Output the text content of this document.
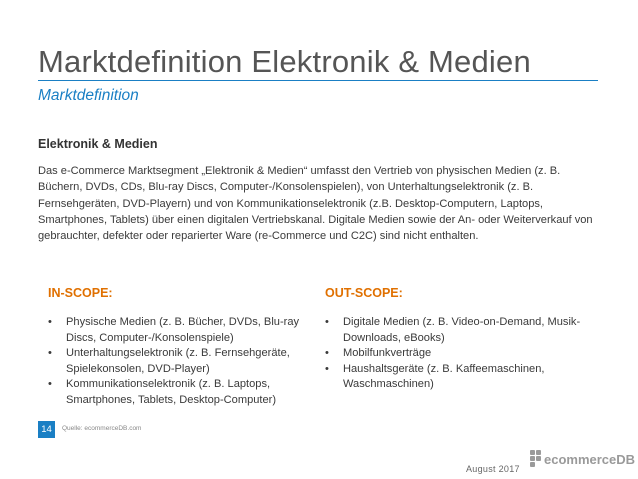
Marktdefinition Elektronik & Medien
Marktdefinition
Elektronik & Medien

Das e-Commerce Marktsegment „Elektronik & Medien“ umfasst den Vertrieb von physischen Medien (z. B. Büchern, DVDs, CDs, Blu-ray Discs, Computer-/Konsolenspielen), von Unterhaltungselektronik (z. B. Fernsehgeräten, DVD-Playern) und von Kommunikationselektronik (z.B. Desktop-Computern, Laptops, Smartphones, Tablets) über einen digitalen Vertriebskanal. Digitale Medien sowie der An- oder Weiterverkauf von gebrauchter, defekter oder reparierter Ware (re-Commerce und C2C) sind nicht enthalten.

IN-SCOPE:
• Physische Medien (z. B. Bücher, DVDs, Blu-ray Discs, Computer-/Konsolenspiele)
• Unterhaltungselektronik (z. B. Fernsehgeräte, Spielekonsolen, DVD-Player)
• Kommunikationselektronik (z. B. Laptops, Smartphones, Tablets, Desktop-Computer)
OUT-SCOPE:
• Digitale Medien (z. B. Video-on-Demand, Musik-Downloads, eBooks)
• Mobilfunkverträge
• Haushaltsgeräte (z. B. Kaffeemaschinen, Waschmaschinen)
14	Quelle: ecommerceDB.com
August 2017
ecommerceDB
